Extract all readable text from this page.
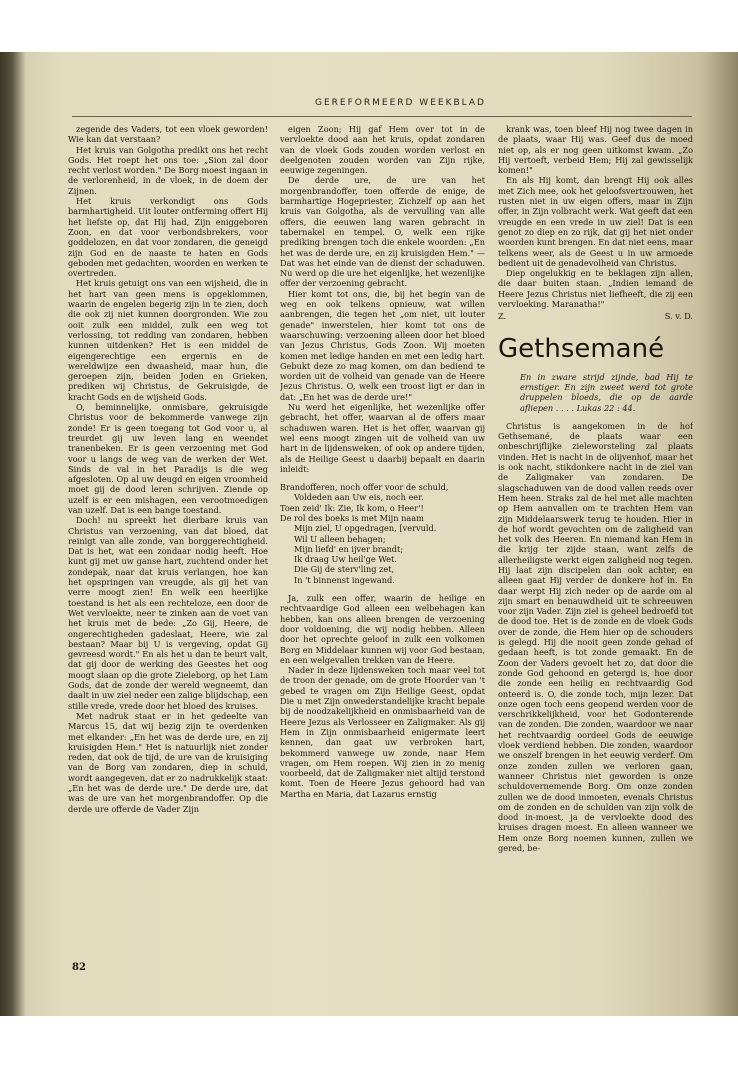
GEREFORMEERD WEEKBLAD

zegende des Vaders, tot een vloek geworden! Wie kan dat verstaan?

Het kruis van Golgotha predikt ons het recht Gods. Het roept het ons toe: „Sion zal door recht verlost worden." De Borg moest ingaan in de verlorenheid, in de vloek, in de doem der Zijnen.

Het kruis verkondigt ons Gods barmhartigheid. Uit louter ontferming offert Hij het liefste op, dat Hij had, Zijn eniggeboren Zoon, en dat voor verbondsbrekers, voor goddelozen, en dat voor zondaren, die geneigd zijn God en de naaste te haten en Gods geboden met gedachten, woorden en werken te overtreden.

Het kruis getuigt ons van een wijsheid, die in het hart van geen mens is opgeklommen, waarin de engelen begerig zijn in te zien, doch die ook zij niet kunnen doorgronden. Wie zou ooit zulk een middel, zulk een weg tot verlossing, tot redding van zondaren, hebben kunnen uitdenken? Het is een middel de eigengerechtige een ergernis en de wereldwijze een dwaasheid, maar hun, die geroepen zijn, beiden Joden en Grieken, prediken wij Christus, de Gekruisigde, de kracht Gods en de wijsheid Gods.

O, beminnelijke, onmisbare, gekruisigde Christus voor de bekommerde vanwege zijn zonde! Er is geen toegang tot God voor u, al treurdet gij uw leven lang en weendet tranenbeken. Er is geen verzoening met God voor u langs de weg van de werken der Wet. Sinds de val in het Paradijs is die weg afgesloten. Op al uw deugd en eigen vroomheid moet gij de dood leren schrijven. Ziende op uzelf is er een mishagen, een verootmoedigen van uzelf. Dat is een bange toestand.

Doch! nu spreekt het dierbare kruis van Christus van verzoening, van dat bloed, dat reinigt van alle zonde, van borggerechtigheid. Dat is het, wat een zondaar nodig heeft. Hoe kunt gij met uw ganse hart, zuchtend onder het zondepak, naar dat kruis verlangen, hoe kan het opspringen van vreugde, als gij het van verre moogt zien! En welk een heerlijke toestand is het als een rechteloze, een door de Wet vervloekte, neer te zinken aan de voet van het kruis met de bede: „Zo Gij, Heere, de ongerechtigheden gadeslaat, Heere, wie zal bestaan? Maar bij U is vergeving, opdat Gij gevreesd wordt." En als het u dan te beurt valt, dat gij door de werking des Geestes het oog moogt slaan op die grote Zieleborg, op het Lam Gods, dat de zonde der wereld wegneemt, dan daalt in uw ziel neder een zalige blijdschap, een stille vrede, vrede door het bloed des kruises.

Met nadruk staat er in het gedeelte van Marcus 15, dat wij bezig zijn te overdenken met elkander: „En het was de derde ure, en zij kruisigden Hem." Het is natuurlijk niet zonder reden, dat ook de tijd, de ure van de kruisiging van de Borg van zondaren, diep in schuld, wordt aangegeven, dat er zo nadrukkelijk staat: „En het was de derde ure." De derde ure, dat was de ure van het morgenbrandoffer. Op die derde ure offerde de Vader Zijn

eigen Zoon; Hij gaf Hem over tot in de vervloekte dood aan het kruis, opdat zondaren van de vloek Gods zouden worden verlost en deelgenoten zouden worden van Zijn rijke, eeuwige zegeningen.

De derde ure, de ure van het morgenbrandoffer, toen offerde de enige, de barmhartige Hogepriester, Zichzelf op aan het kruis van Golgotha, als de vervulling van alle offers, die eeuwen lang waren gebracht in tabernakel en tempel. O, welk een rijke prediking brengen toch die enkele woorden: „En het was de derde ure, en zij kruisigden Hem." — Dat was het einde van de dienst der schaduwen. Nu werd op die ure het eigenlijke, het wezenlijke offer der verzoening gebracht.

Hier komt tot ons, die, bij het begin van de weg en ook telkens opnieuw, wat willen aanbrengen, die tegen het „om niet, uit louter genade" inwerstelen, hier komt tot ons de waarschuwing: verzoening alleen door het bloed van Jezus Christus, Gods Zoon. Wij moeten komen met ledige handen en met een ledig hart. Gebukt deze zo mag komen, om dan bediend te worden uit de volheid van genade van de Heere Jezus Christus. O, welk een troost ligt er dan in dat: „En het was de derde ure!"

Nu werd het eigenlijke, het wezenlijke offer gebracht, het offer, waarvan al de offers maar schaduwen waren. Het is het offer, waarvan gij wel eens moogt zingen uit de volheid van uw hart in de lijdensweken, of ook op andere tijden, als de Heilige Geest u daarbij bepaalt en daarin inleidt:

Brandofferen, noch offer voor de schuld,
Voldeden aan Uw eis, noch eer.
Toen zeid' Ik: Zie, Ik kom, o Heer'!
De rol des boeks is met Mijn naam
Mijn ziel, U opgedragen, [vervuld.
Wil U alleen behagen;
Mijn liefd' en ijver brandt;
Ik draag Uw heil'ge Wet.
Die Gij de sterv'ling zet,
In 't binnenst ingewand.

Ja, zulk een offer, waarin de heilige en rechtvaardige God alleen een welbehagen kan hebben, kan ons alleen brengen de verzoening door voldoening, die wij nodig hebben. Alleen door het oprechte geloof in zulk een volkomen Borg en Middelaar kunnen wij voor God bestaan, en een welgevallen trekken van de Heere.

Nader in deze lijdensweken toch maar veel tot de troon der genade, om de grote Hoorder van 't gebed te vragen om Zijn Heilige Geest, opdat Die u met Zijn onwederstandelijke kracht bepale bij de noodzakelijkheid en onmisbaarheid van de Heere Jezus als Verlosseer en Zaligmaker. Als gij Hem in Zijn onmisbaarheid enigermate leert kennen, dan gaat uw verbroken hart, bekommerd vanwege uw zonde, naar Hem vragen, om Hem roepen. Wij zien in zo menig voorbeeld, dat de Zaligmaker niet altijd terstond komt. Toen de Heere Jezus gehoord had van Martha en Maria, dat Lazarus ernstig

krank was, toen bleef Hij nog twee dagen in de plaats, waar Hij was. Geef dus de moed niet op, als er nog geen uitkomst kwam. „Zo Hij vertoeft, verbeid Hem; Hij zal gewisselijk komen!"

En als Hij komt, dan brengt Hij ook alles met Zich mee, ook het geloofsvertrouwen, het rusten niet in uw eigen offers, maar in Zijn offer, in Zijn volbracht werk. Wat geeft dat een vreugde en een vrede in uw ziel! Dat is een genot zo diep en zo rijk, dat gij het niet onder woorden kunt brengen. En dat niet eens, maar telkens weer, als de Geest u in uw armoede bedient uit de genadevolheid van Christus.

Diep ongelukkig en te beklagen zijn allen, die daar buiten staan. „Indien iemand de Heere Jezus Christus niet liefheeft, die zij een vervloeking. Maranatha!"

Z.	S. v. D.
Gethsemané
En in zware strijd zijnde, bad Hij te ernstiger. En zijn zweet werd tot grote druppelen bloeds, die op de aarde afliepen . . . . Lukas 22 : 44.

Christus is aangekomen in de hof Gethsemané, de plaats waar een onbeschrijflijke zieleworsteling zal plaats vinden. Het is nacht in de olijvenhof, maar het is ook nacht, stikdonkere nacht in de ziel van de Zaligmaker van zondaren. De slagschaduwen van de dood vallen reeds over Hem heen. Straks zal de hel met alle machten op Hem aanvallen om te trachten Hem van zijn Middelaarswerk terug te houden. Hier in de hof wordt gevochten om de zaligheid van het volk des Heeren. En niemand kan Hem in die krijg ter zijde staan, want zelfs de allerheiligste werkt eigen zaligheid nog tegen. Hij laat zijn discipelen dan ook achter, en alleen gaat Hij verder de donkere hof in. En daar werpt Hij zich neder op de aarde om al zijn smart en benauwdheid uit te schreeuwen voor zijn Vader. Zijn ziel is geheel bedroefd tot de dood toe. Het is de zonde en de vloek Gods over de zonde, die Hem hier op de schouders is gelegd. Hij die nooit geen zonde gehad of gedaan heeft, is tot zonde gemaakt. En de Zoon der Vaders gevoelt het zo, dat door die zonde God gehoond en getergd is, hoe door die zonde een heilig en rechtvaardig God onteerd is. O, die zonde toch, mijn lezer. Dat onze ogen toch eens geopend werden voor de verschrikkelijkheid, voor het Godonterende van de zonden. Die zonden, waardoor we naar het rechtvaardig oordeel Gods de eeuwige vloek verdiend hebben. Die zonden, waardoor we onszelf brengen in het eeuwig verderf. Om onze zonden zullen we verloren gaan, wanneer Christus niet geworden is onze schuldovernemende Borg. Om onze zonden zullen we de dood inmoeten, evenals Christus om de zonden en de schulden van zijn volk de dood in-moest, ja de vervloekte dood des kruises dragen moest. En alleen wanneer we Hem onze Borg noemen kunnen, zullen we gered, be-

82
